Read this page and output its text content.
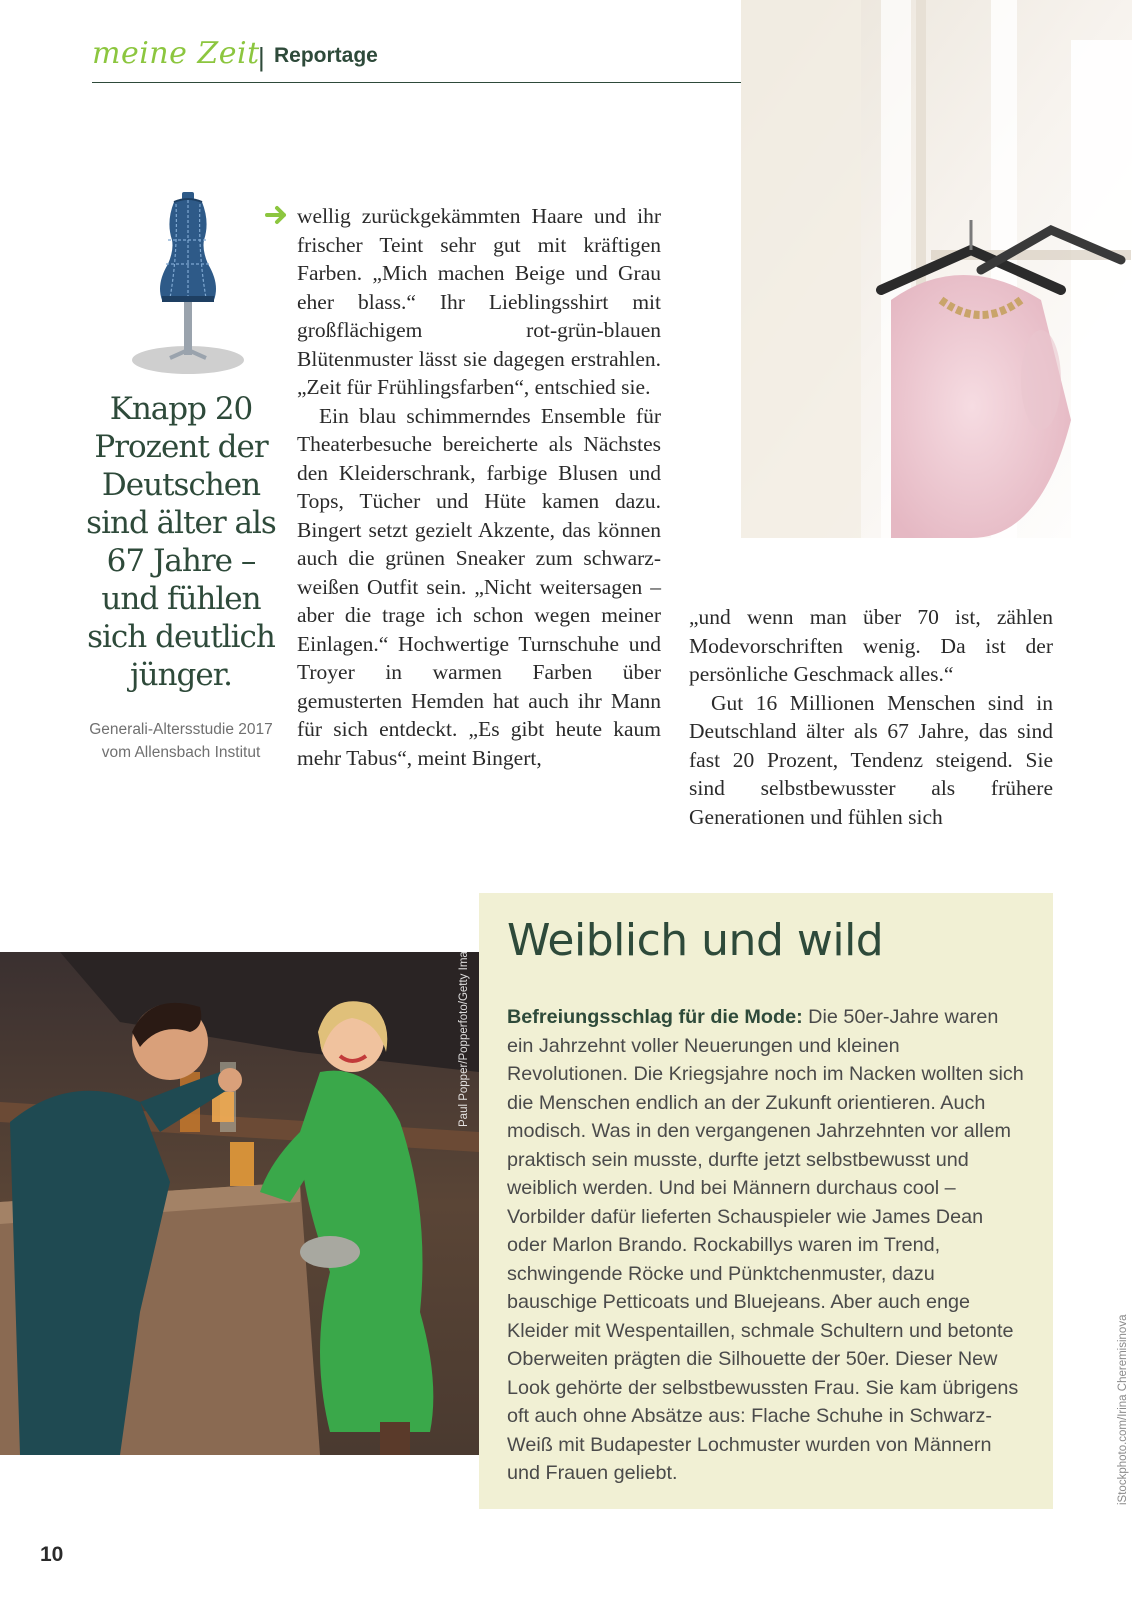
meine Zeit
| Reportage
Knapp 20 Prozent der Deutschen sind älter als 67 Jahre – und fühlen sich deutlich jünger.
Generali-Altersstudie 2017 vom Allensbach Institut

wellig zurückgekämmten Haare und ihr frischer Teint sehr gut mit kräftigen Farben. „Mich machen Beige und Grau eher blass.“ Ihr Lieblingsshirt mit großflächigem rot-grün-blauen Blütenmuster lässt sie dagegen erstrahlen. „Zeit für Frühlingsfarben“, entschied sie.

Ein blau schimmerndes Ensemble für Theaterbesuche bereicherte als Nächstes den Kleiderschrank, farbige Blusen und Tops, Tücher und Hüte kamen dazu. Bingert setzt gezielt Akzente, das können auch die grünen Sneaker zum schwarz-weißen Outfit sein. „Nicht weitersagen – aber die trage ich schon wegen meiner Einlagen.“ Hochwertige Turnschuhe und Troyer in warmen Farben über gemusterten Hemden hat auch ihr Mann für sich entdeckt. „Es gibt heute kaum mehr Tabus“, meint Bingert,

„und wenn man über 70 ist, zählen Modevorschriften wenig. Da ist der persönliche Geschmack alles.“

Gut 16 Millionen Menschen sind in Deutschland älter als 67 Jahre, das sind fast 20 Prozent, Tendenz steigend. Sie sind selbstbewusster als frühere Generationen und fühlen sich

Paul Popper/Popperfoto/Getty Images Weiblich und wild
Befreiungsschlag für die Mode: Die 50er-Jahre waren ein Jahrzehnt voller Neuerungen und kleinen Revolutionen. Die Kriegsjahre noch im Nacken wollten sich die Menschen endlich an der Zukunft orientieren. Auch modisch. Was in den vergangenen Jahrzehnten vor allem praktisch sein musste, durfte jetzt selbstbewusst und weiblich werden. Und bei Männern durchaus cool – Vorbilder dafür lieferten Schauspieler wie James Dean oder Marlon Brando. Rockabillys waren im Trend, schwingende Röcke und Pünktchenmuster, dazu bauschige Petticoats und Bluejeans. Aber auch enge Kleider mit Wespentaillen, schmale Schultern und betonte Oberweiten prägten die Silhouette der 50er. Dieser New Look gehörte der selbstbewussten Frau. Sie kam übrigens oft auch ohne Absätze aus: Flache Schuhe in Schwarz-Weiß mit Budapester Lochmuster wurden von Männern und Frauen geliebt.	iStockphoto.com/Irina Cheremisinova
10
